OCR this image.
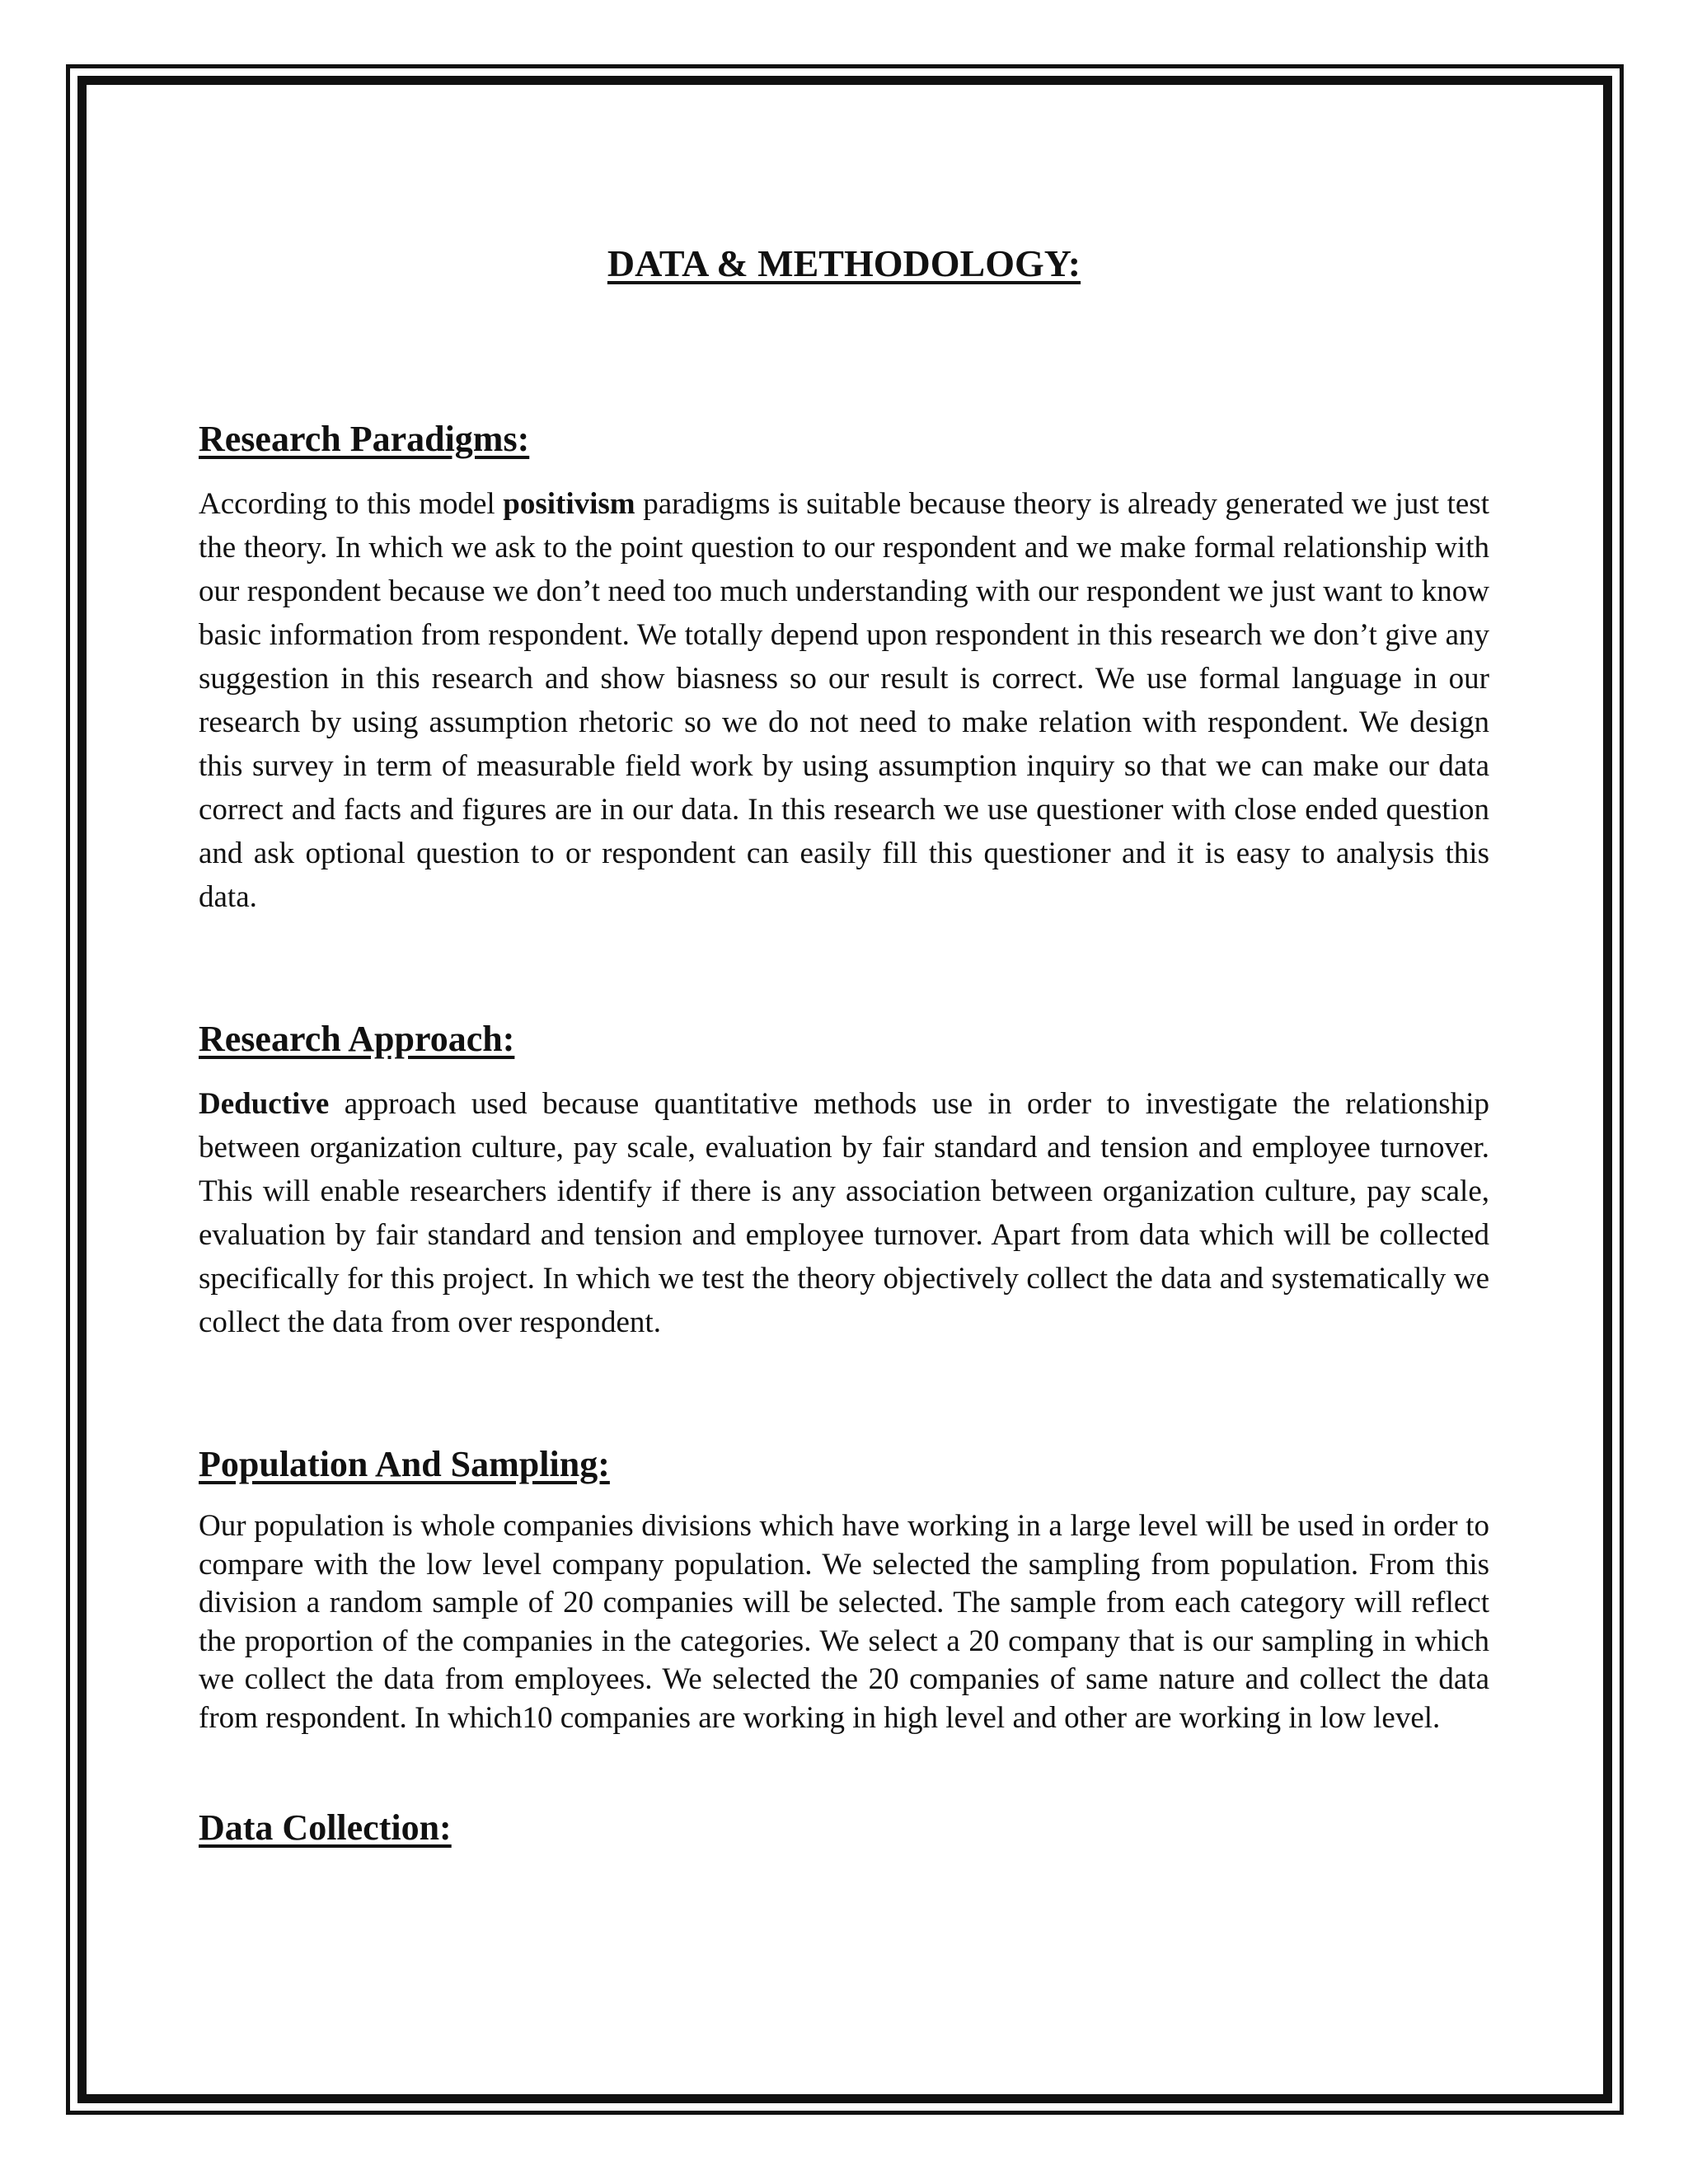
DATA & METHODOLOGY:
Research Paradigms:

According to this model positivism paradigms is suitable because theory is already generated we just test the theory. In which we ask to the point question to our respondent and we make formal relationship with our respondent because we don’t need too much understanding with our respondent we just want to know basic information from respondent. We totally depend upon respondent in this research we don’t give any suggestion in this research and show biasness so our result is correct. We use formal language in our research by using assumption rhetoric so we do not need to make relation with respondent. We design this survey in term of measurable field work by using assumption inquiry so that we can make our data correct and facts and figures are in our data. In this research we use questioner with close ended question and ask optional question to or respondent can easily fill this questioner and it is easy to analysis this data.

Research Approach:

Deductive approach used because quantitative methods use in order to investigate the relationship between organization culture, pay scale, evaluation by fair standard and tension and employee turnover. This will enable researchers identify if there is any association between organization culture, pay scale, evaluation by fair standard and tension and employee turnover. Apart from data which will be collected specifically for this project. In which we test the theory objectively collect the data and systematically we collect the data from over respondent.

Population And Sampling:

Our population is whole companies divisions which have working in a large level will be used in order to compare with the low level company population. We selected the sampling from population. From this division a random sample of 20 companies will be selected. The sample from each category will reflect the proportion of the companies in the categories. We select a 20 company that is our sampling in which we collect the data from employees. We selected the 20 companies of same nature and collect the data from respondent. In which10 companies are working in high level and other are working in low level.

Data Collection:
